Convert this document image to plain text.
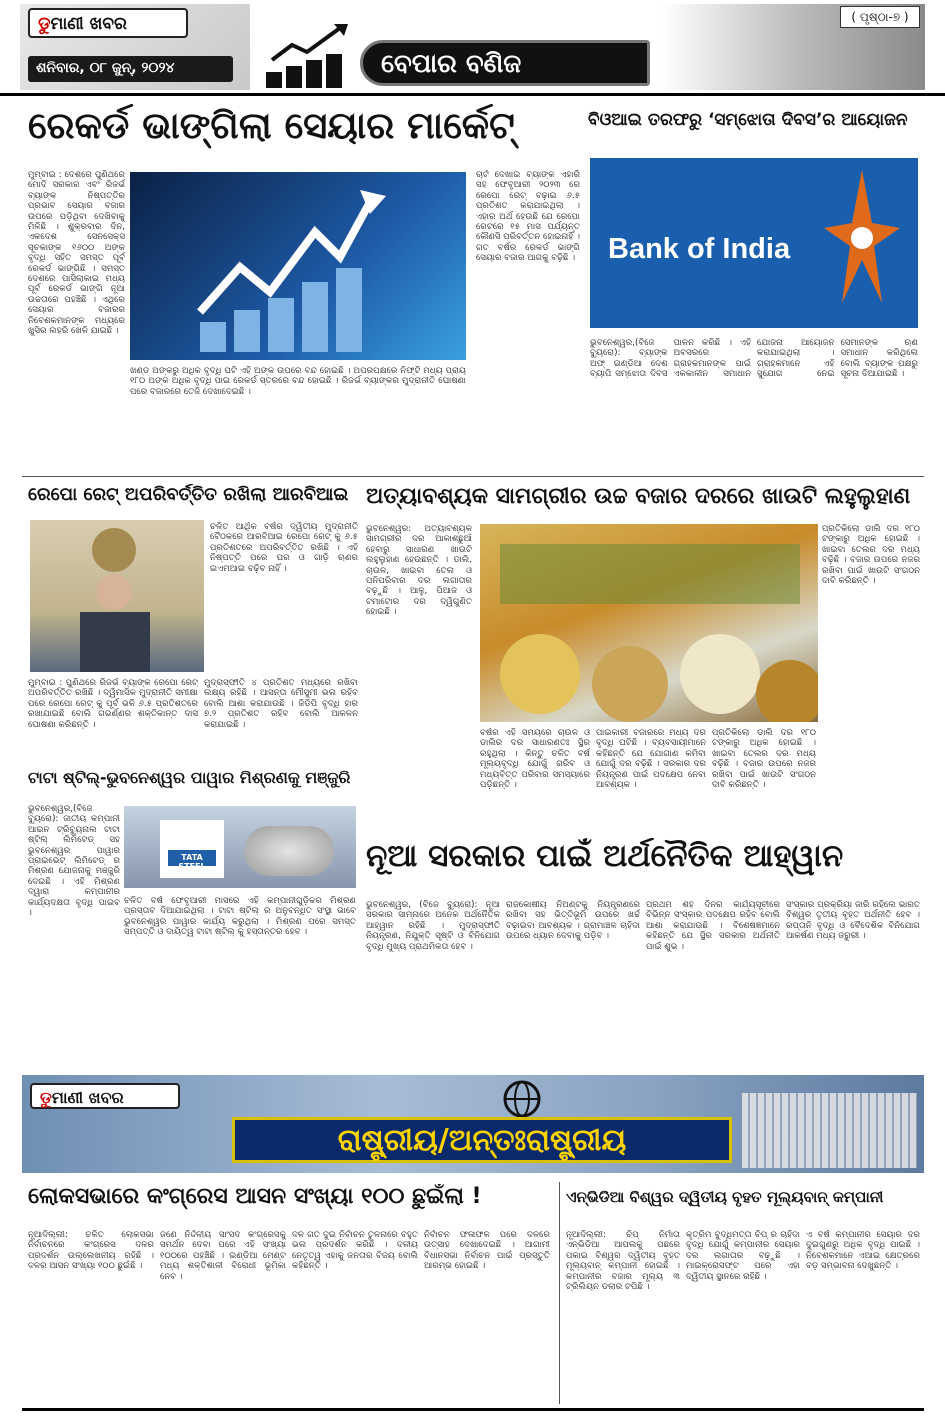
ଡୁମାଣୀ ଖବର
ଶନିବାର, ୦୮ ଜୁନ୍, ୨୦୨୪	ବେପାର ବଣିଜ
( ପୃଷ୍ଠା-୭ )
ରେକର୍ଡ ଭାଙ୍ଗିଲା ସେୟାର ମାର୍କେଟ୍
ମୁମ୍ବାଇ : ଦେଶରେ ପୁଣିଥରେ ମୋଦି ସରକାର ଏବଂ ରିଜର୍ଭ ବ୍ୟାଙ୍କ ନିଷ୍ପତ୍ତିର ପ୍ରଭାବ ସେୟାର ବଜାର ଉପରେ ପଡ଼ିଥିବା ଦେଖିବାକୁ ମିଳିଛି । ଶୁକ୍ରବାର ଦିନ, ଏକଦେଶ ସେନସେକ୍ସ ସୂଚକାଙ୍କ ୧୬୦୦ ଅଙ୍କ ବୃଦ୍ଧି ସହିତ ସମସ୍ତ ପୂର୍ବ ରେକର୍ଡ ଭାଙ୍ଗିଛି । ସମସ୍ତ ଦେଶରେ ପାସିଲାକାଇ ମଧ୍ୟ ପୂର୍ବ ରେକର୍ଡ ଭାଙ୍ଗି ନୂଆ ଉଚ୍ଚତାରେ ପହଞ୍ଚିଛି । ଏଥିରେ ସେୟାର ବଜାରର ନିବେଶକମାନଙ୍କ ମଧ୍ୟରେ ଖୁସିର ଲହରି ଖେଳି ଯାଇଛି ।
ଖଣ୍ଡ ଅଙ୍କରୁ ଅଧିକ ବୃଦ୍ଧି ଘଟି ଏହି ଅଙ୍କ ଉପରେ ବନ୍ଦ ହୋଇଛି । ଅପରପକ୍ଷରେ ନିଫ୍ଟି ମଧ୍ୟ ପ୍ରାୟ ୧୮୦ ଅଙ୍କ ଅଧିକ ବୃଦ୍ଧି ପାଇ ରେକର୍ଡ ସ୍ତରରେ ବନ୍ଦ ହୋଇଛି । ରିଜର୍ଭ ବ୍ୟାଙ୍କର ମୁଦ୍ରାନୀତି ଘୋଷଣା ପରେ ବଜାରରେ ତେଜି ଦେଖାଦେଇଛି ।
ଚାର୍ଟ ଦେଖାଇ ବ୍ୟାଙ୍କ ଏହାରି ସହ ଫେବୃଆରୀ ୨୦୨୩ ରେ ରେପୋ ରେଟ୍ ବଢ଼ାଇ ୬.୫ ପ୍ରତିଶତ କରାଯାଇଥିଲା । ଏହାର ଅର୍ଥ ହେଉଛି ଯେ ରେପୋ ରେଟରେ ୧୫ ମାସ ପର୍ଯ୍ୟନ୍ତ କୌଣସି ପରିବର୍ତ୍ତନ ହୋଇନାହିଁ । ଗତ ବର୍ଷର ରେକର୍ଡ ଭାଙ୍ଗି ସେୟାର ବଜାର ଆଗକୁ ବଢ଼ିଛି ।
ବିଓଆଇ ତରଫରୁ ‘ସମ୍ଝୋତା ଦିବସ’ର ଆୟୋଜନ
Bank of India
ଭୁବନେଶ୍ୱର,(ବିଜେ ବ୍ୟୁରୋ): ବ୍ୟାଙ୍କ ଅଫ୍ ଇଣ୍ଡିଆ ଦେଶ ବ୍ୟାପି ସମ୍ଝୋତା ଦିବସ ପାଳନ କରିଛି । ଏହି ଅବସରରେ ଗ୍ରାହକମାନଙ୍କ ପାଇଁ ଏକକାଳୀନ ସମାଧାନ ଯୋଜନା ଆୟୋଜନ କରାଯାଇଥିଲା । ଗ୍ରାହକମାନେ ଏହି ସୁଯୋଗ ନେଇ ସେମାନଙ୍କ ଋଣ ସମାଧାନ କରିଥିଲେ ବୋଲି ବ୍ୟାଙ୍କ ପକ୍ଷରୁ ସୂଚନା ଦିଆଯାଇଛି ।
ରେପୋ ରେଟ୍ ଅପରିବର୍ତ୍ତିତ ରଖିଲା ଆରବିଆଇ
ଚଳିତ ଆର୍ଥିକ ବର୍ଷର ଦ୍ୱିତୀୟ ମୁଦ୍ରାନୀତି ବୈଠକରେ ଆରବିଆଇ ରେପୋ ରେଟ୍ କୁ ୬.୫ ପ୍ରତିଶତରେ ଅପରିବର୍ତ୍ତିତ ରଖିଛି । ଏହି ନିଷ୍ପତ୍ତି ପରେ ଘର ଓ ଗାଡ଼ି ଋଣର ଇଏମଆଇ ବଢ଼ିବ ନାହିଁ ।
ମୁମ୍ବାଇ : ପୁଣିଥରେ ରିଜର୍ଭ ବ୍ୟାଙ୍କ ରେପୋ ରେଟ୍ ଅପରିବର୍ତ୍ତିତ ରଖିଛି । ଦ୍ୱିମାସିକ ମୁଦ୍ରାନୀତି ସମୀକ୍ଷା ପରେ ରେପୋ ରେଟ୍ କୁ ପୂର୍ବ ଭଳି ୬.୫ ପ୍ରତିଶତରେ ରଖାଯାଇଛି ବୋଲି ଗଭର୍ଣ୍ଣର ଶକ୍ତିକାନ୍ତ ଦାସ ଘୋଷଣା କରିଛନ୍ତି ।
ମୁଦ୍ରାସ୍ଫୀତି ୪ ପ୍ରତିଶତ ମଧ୍ୟରେ ରଖିବା ଲକ୍ଷ୍ୟ ରହିଛି । ଆସନ୍ତା ମୌସୁମୀ ଭଲ ରହିବ ବୋଲି ଆଶା କରାଯାଉଛି । ଜିଡିପି ବୃଦ୍ଧି ହାର ୭.୨ ପ୍ରତିଶତ ରହିବ ବୋଲି ଆକଳନ କରାଯାଇଛି ।
ଟାଟା ଷ୍ଟିଲ୍-ଭୁବନେଶ୍ୱର ପାୱାର ମିଶ୍ରଣକୁ ମଞ୍ଜୁରି
ଭୁବନେଶ୍ୱର,(ବିଜେ ବ୍ୟୁରୋ): ଜାତୀୟ କମ୍ପାନୀ ଆଇନ ଟ୍ରିବ୍ୟୁନାଲ ଟାଟା ଷ୍ଟିଲ୍ ଲିମିଟେଡ୍ ସହ ଭୁବନେଶ୍ୱର ପାୱାର ପ୍ରାଇଭେଟ୍ ଲିମିଟେଡ୍ ର ମିଶ୍ରଣ ଯୋଜନାକୁ ମଞ୍ଜୁରି ଦେଇଛି । ଏହି ମିଶ୍ରଣ ଦ୍ୱାରା କମ୍ପାନୀର କାର୍ଯ୍ୟଦକ୍ଷତା ବୃଦ୍ଧି ପାଇବ ।
TATA STEEL
ଚଳିତ ବର୍ଷ ଫେବୃଆରୀ ମାସରେ ଏହି କମ୍ପାନୀଗୁଡ଼ିକର ମିଶ୍ରଣ ପ୍ରସ୍ତାବ ଦିଆଯାଇଥିଲା । ଟାଟା ଷ୍ଟିଲ୍ ର ଅନୁବନ୍ଧିତ ସଂସ୍ଥା ଭାବେ ଭୁବନେଶ୍ୱର ପାୱାର କାର୍ଯ୍ୟ କରୁଥିଲା । ମିଶ୍ରଣ ପରେ ସମସ୍ତ ସମ୍ପତ୍ତି ଓ ଦାୟିତ୍ୱ ଟାଟା ଷ୍ଟିଲ୍ କୁ ହସ୍ତାନ୍ତର ହେବ ।
ଅତ୍ୟାବଶ୍ୟକ ସାମଗ୍ରୀର ଉଚ୍ଚ ବଜାର ଦରରେ ଖାଉଟି ଲହୁଲୁହାଣ
ଭୁବନେଶ୍ୱର: ଅତ୍ୟାବଶ୍ୟକ ସାମଗ୍ରୀର ଦର ଆକାଶଛୁଆଁ ହେବାରୁ ସାଧାରଣ ଖାଉଟି ଲହୁଲୁହାଣ ହେଉଛନ୍ତି । ଡାଲି, ଚାଉଳ, ଖାଇବା ତେଲ ଓ ପନିପରିବାର ଦର ଲଗାତାର ବଢ଼ୁଛି । ଆଳୁ, ପିଆଜ ଓ ଟମାଟୋର ଦର ଦ୍ୱିଗୁଣିତ ହୋଇଛି ।
ବର୍ଷର ଏହି ସମୟରେ ଚାଉଳ ଓ ଡାଲିର ଦର ସାଧାରଣତଃ ସ୍ଥିର ରହୁଥିଲା । କିନ୍ତୁ ଚଳିତ ବର୍ଷ ମୂଲ୍ୟବୃଦ୍ଧି ଯୋଗୁଁ ଗରିବ ଓ ମଧ୍ୟବିତ୍ତ ପରିବାର ସମସ୍ୟାରେ ପଡ଼ିଛନ୍ତି ।
ପାଇକାରୀ ବଜାରରେ ମଧ୍ୟ ଦର ବୃଦ୍ଧି ଘଟିଛି । ବ୍ୟବସାୟୀମାନେ କହିଛନ୍ତି ଯେ ଯୋଗାଣ କମିବା ଯୋଗୁଁ ଦର ବଢ଼ିଛି । ସରକାର ଦର ନିୟନ୍ତ୍ରଣ ପାଇଁ ପଦକ୍ଷେପ ନେବା ଆବଶ୍ୟକ ।
ପ୍ରତିକିଲୋ ଡାଲି ଦର ୧୮୦ ଟଙ୍କାରୁ ଅଧିକ ହୋଇଛି । ଖାଇବା ତେଲର ଦର ମଧ୍ୟ ବଢ଼ିଛି । ବଜାର ଉପରେ ନଜର ରଖିବା ପାଇଁ ଖାଉଟି ସଂଗଠନ ଦାବି କରିଛନ୍ତି ।
ପ୍ରତିକିଲୋ ଡାଲି ଦର ୧୮୦ ଟଙ୍କାରୁ ଅଧିକ ହୋଇଛି । ଖାଇବା ତେଲର ଦର ମଧ୍ୟ ବଢ଼ିଛି । ବଜାର ଉପରେ ନଜର ରଖିବା ପାଇଁ ଖାଉଟି ସଂଗଠନ ଦାବି କରିଛନ୍ତି ।
ନୂଆ ସରକାର ପାଇଁ ଅର୍ଥନୈତିକ ଆହ୍ୱାନ
ଭୁବନେଶ୍ୱର, (ବିଜେ ବ୍ୟୁରୋ): ନୂଆ ସରକାର ସାମ୍ନାରେ ଅନେକ ଅର୍ଥନୈତିକ ଆହ୍ୱାନ ରହିଛି । ମୁଦ୍ରାସ୍ଫୀତି ନିୟନ୍ତ୍ରଣ, ନିଯୁକ୍ତି ସୃଷ୍ଟି ଓ ବିନିଯୋଗ ବୃଦ୍ଧି ମୁଖ୍ୟ ପ୍ରାଥମିକତା ହେବ ।
ରାଜକୋଷୀୟ ନିଅଣ୍ଟକୁ ନିୟନ୍ତ୍ରଣରେ ରଖିବା ସହ ଭିତ୍ତିଭୂମି ଉପରେ ଖର୍ଚ୍ଚ ବଢ଼ାଇବା ଆବଶ୍ୟକ । ଗ୍ରାମାଞ୍ଚଳ ଚାହିଦା ଉପରେ ଧ୍ୟାନ ଦେବାକୁ ପଡ଼ିବ ।
ପ୍ରଥମ ଶହ ଦିନର କାର୍ଯ୍ୟସୂଚୀରେ ବିଭିନ୍ନ ସଂସ୍କାର ପଦକ୍ଷେପ ରହିବ ବୋଲି ଆଶା କରାଯାଉଛି । ବିଶେଷଜ୍ଞମାନେ କହିଛନ୍ତି ଯେ ସ୍ଥିର ସରକାର ଅର୍ଥନୀତି ପାଇଁ ଶୁଭ ।
ସଂସ୍କାର ପ୍ରକ୍ରିୟା ଜାରି ରହିଲେ ଭାରତ ବିଶ୍ୱର ତୃତୀୟ ବୃହତ ଅର୍ଥନୀତି ହେବ । ରପ୍ତାନି ବୃଦ୍ଧି ଓ ବୈଦେଶିକ ବିନିଯୋଗ ଆକର୍ଷଣ ମଧ୍ୟ ଜରୁରୀ ।
ଡୁମାଣୀ ଖବର
ରାଷ୍ଟ୍ରୀୟ/ଅନ୍ତଃରାଷ୍ଟ୍ରୀୟ
ଲୋକସଭାରେ କଂଗ୍ରେସ ଆସନ ସଂଖ୍ୟା ୧୦୦ ଛୁଇଁଲା !
ନୂଆଦିଲ୍ଲୀ: ଚଳିତ ଲୋକସଭା ନିର୍ବାଚନରେ କଂଗ୍ରେସ ଦଳର ପ୍ରଦର୍ଶନ ଉଲ୍ଲେଖନୀୟ ରହିଛି । ଦଳର ଆସନ ସଂଖ୍ୟା ୧୦୦ ଛୁଇଁଛି ।
ଜଣେ ନିର୍ଦ୍ଦଳୀୟ ସାଂସଦ କଂଗ୍ରେସକୁ ସମର୍ଥନ ଦେବା ପରେ ଏହି ସଂଖ୍ୟା ୧୦୦ରେ ପହଞ୍ଚିଛି । ଇଣ୍ଡିଆ ମେଣ୍ଟ ମଧ୍ୟ ଶକ୍ତିଶାଳୀ ବିରୋଧୀ ଭୂମିକା ନେବ ।
ଦଳ ଗତ ଦୁଇ ନିର୍ବାଚନ ତୁଳନାରେ ବହୁତ ଭଲ ପ୍ରଦର୍ଶନ କରିଛି । ଦଳୀୟ ନେତୃତ୍ୱ ଏହାକୁ ଜନତାର ବିଜୟ ବୋଲି କହିଛନ୍ତି ।
ନିର୍ବାଚନ ଫଳାଫଳ ପରେ ଦଳରେ ଉତ୍ସାହ ଦେଖାଦେଇଛି । ଆଗାମୀ ବିଧାନସଭା ନିର୍ବାଚନ ପାଇଁ ପ୍ରସ୍ତୁତି ଆରମ୍ଭ ହୋଇଛି ।
ଏନ୍‌ଭିଡିଆ ବିଶ୍ୱର ଦ୍ୱିତୀୟ ବୃହତ ମୂଲ୍ୟବାନ୍ କମ୍ପାନୀ
ନୂଆଦିଲ୍ଲୀ: ଚିପ୍ ନିର୍ମାତା ଏନ୍‌ଭିଡିଆ ଆପଲକୁ ପଛରେ ପକାଇ ବିଶ୍ୱର ଦ୍ୱିତୀୟ ବୃହତ ମୂଲ୍ୟବାନ୍ କମ୍ପାନୀ ହୋଇଛି । କମ୍ପାନୀର ବଜାର ମୂଲ୍ୟ ୩ ଟ୍ରିଲିୟନ ଡଲାର ଟପିଛି ।
କୃତ୍ରିମ ବୁଦ୍ଧିମତ୍ତା ଚିପ୍ ର ଚାହିଦା ବୃଦ୍ଧି ଯୋଗୁଁ କମ୍ପାନୀର ସେୟାର ଦର ଲଗାତାର ବଢ଼ୁଛି । ମାଇକ୍ରୋସଫ୍ଟ ପରେ ଏହା ଦ୍ୱିତୀୟ ସ୍ଥାନରେ ରହିଛି ।
ଏ ବର୍ଷ କମ୍ପାନୀର ସେୟାର ଦର ଦୁଇଗୁଣରୁ ଅଧିକ ବୃଦ୍ଧି ପାଇଛି । ନିବେଶକମାନେ ଏଆଇ କ୍ଷେତ୍ରରେ ବଡ଼ ସମ୍ଭାବନା ଦେଖୁଛନ୍ତି ।
